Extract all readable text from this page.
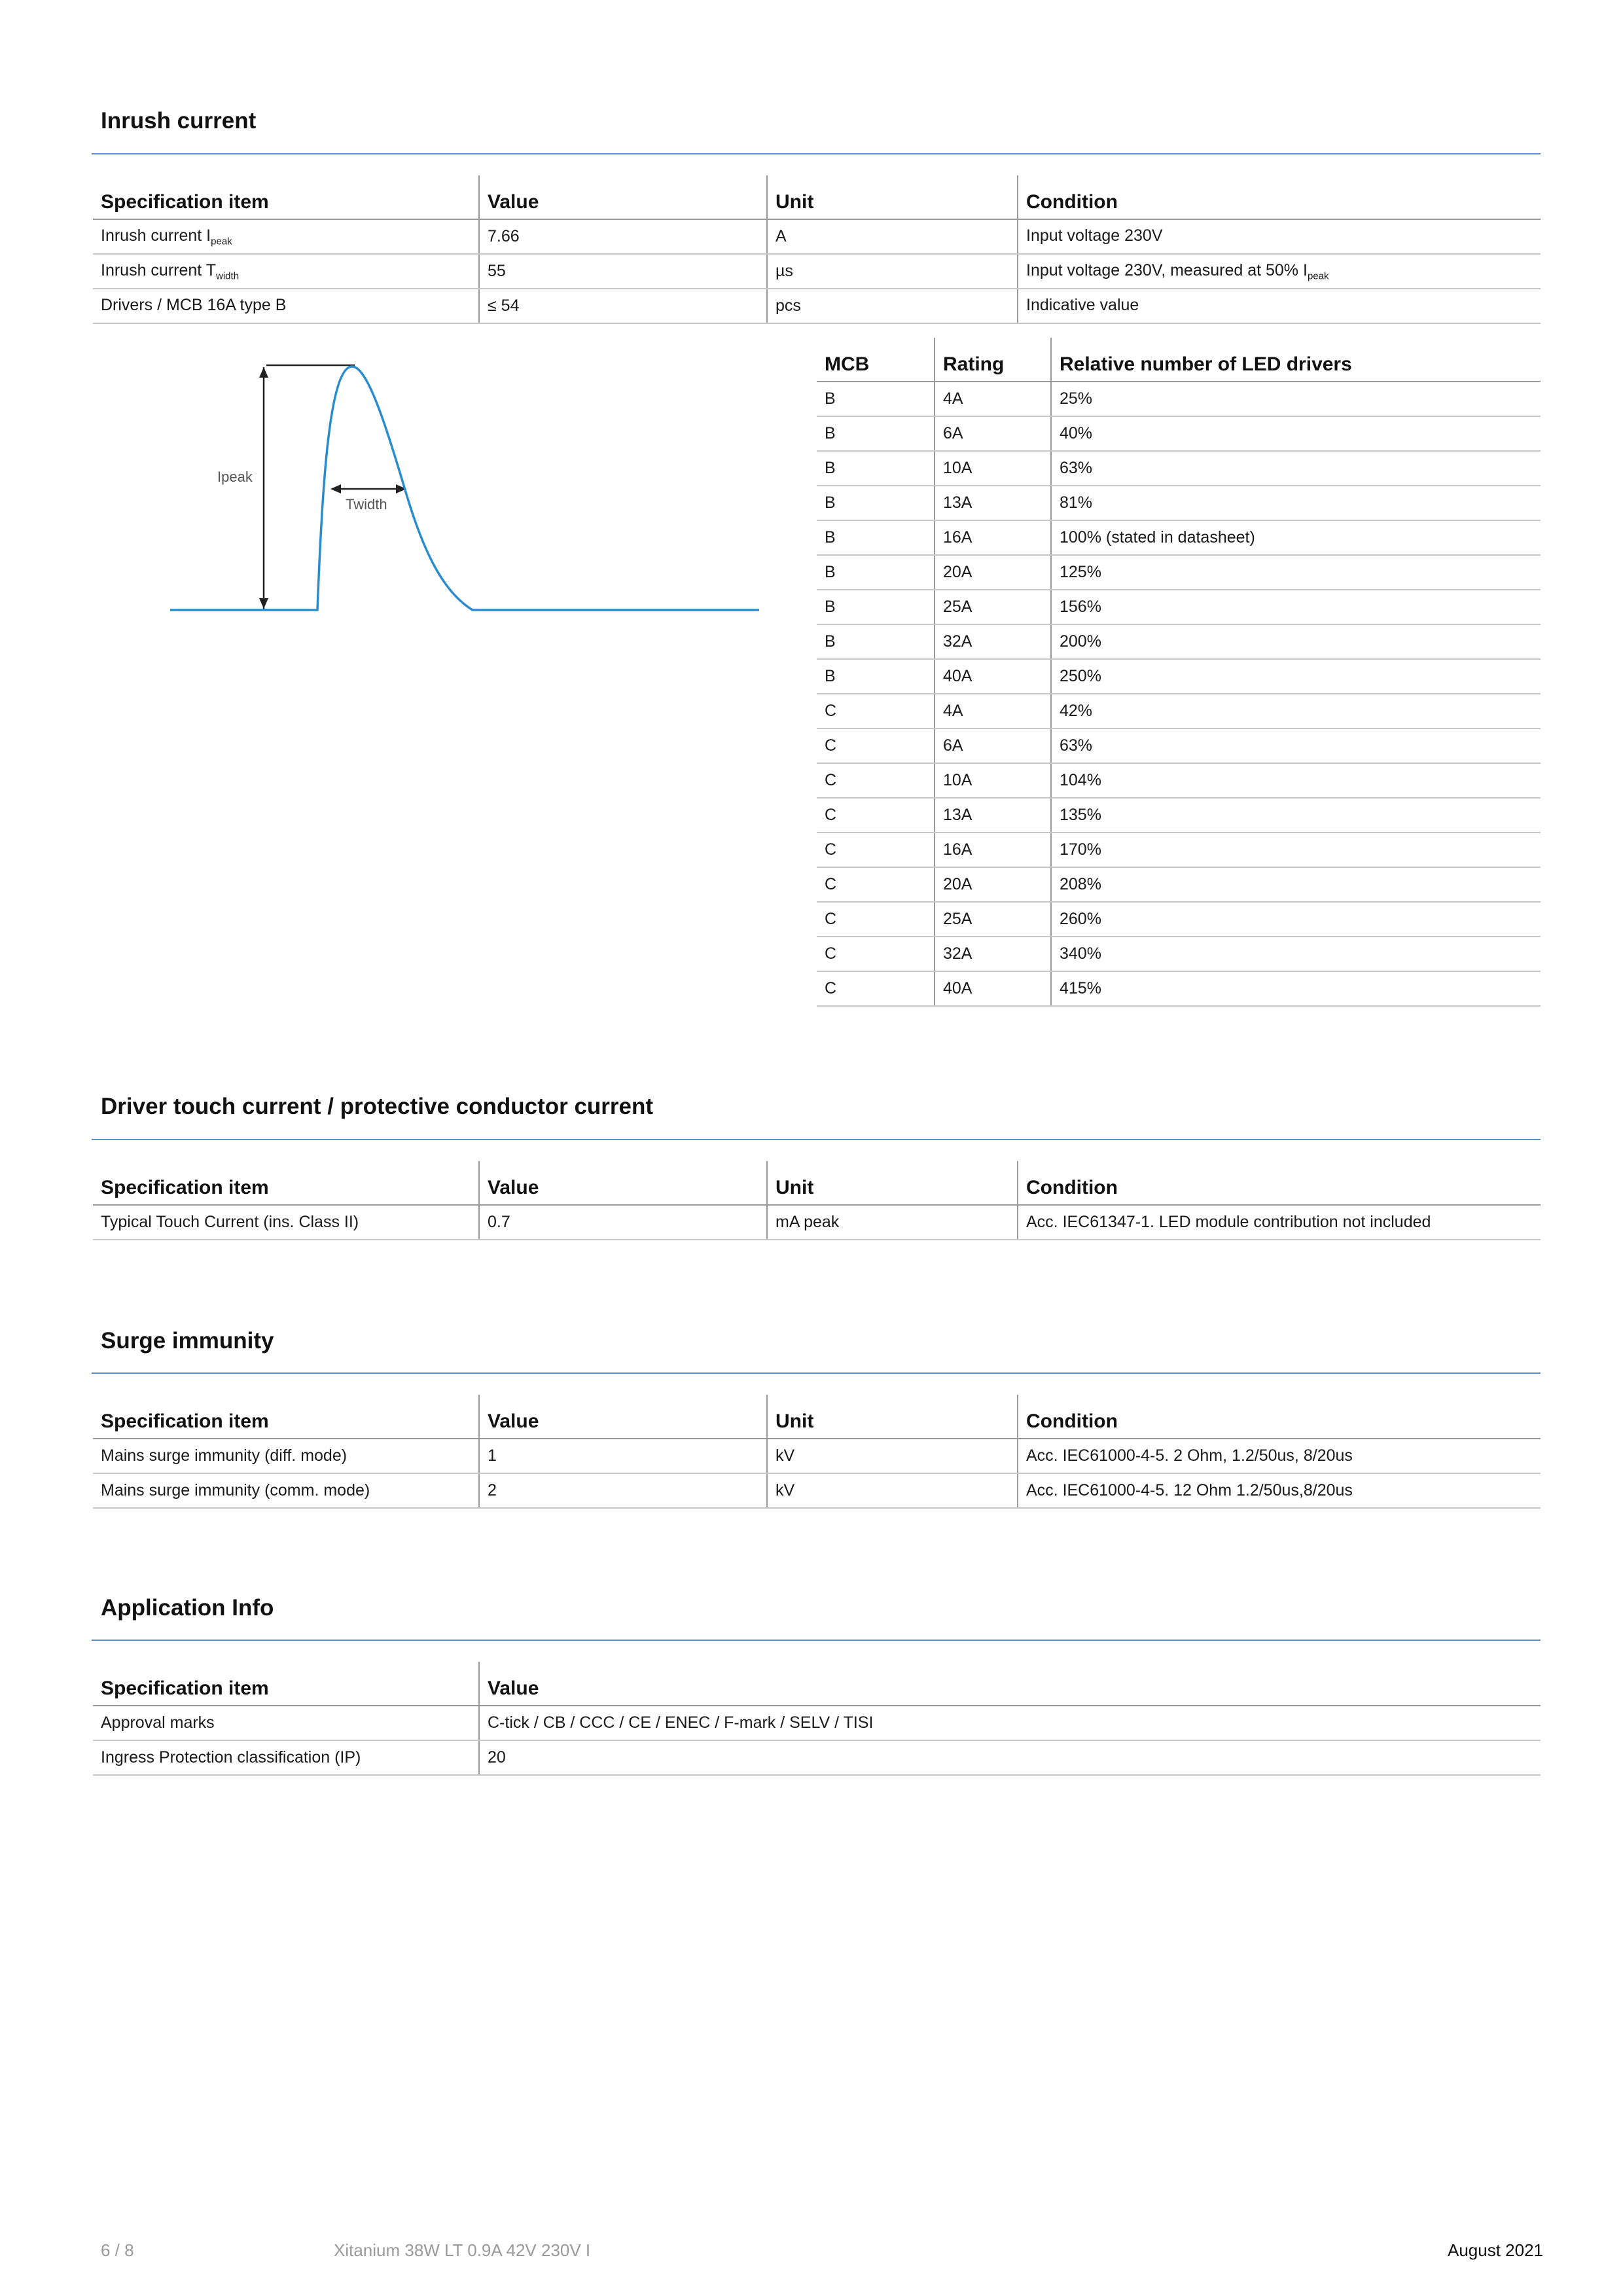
Inrush current
Specification item	Value	Unit	Condition
Inrush current $I_{peak}$	7.66	A	Input voltage 230V
Inrush current $T_{width}$	55	µs	Input voltage 230V, measured at 50% $I_{peak}$
Drivers / MCB 16A type B	≤ 54	pcs	Indicative value
Ipeak
Twidth
MCB	Rating	Relative number of LED drivers
B	4A	25%
B	6A	40%
B	10A	63%
B	13A	81%
B	16A	100% (stated in datasheet)
B	20A	125%
B	25A	156%
B	32A	200%
B	40A	250%
C	4A	42%
C	6A	63%
C	10A	104%
C	13A	135%
C	16A	170%
C	20A	208%
C	25A	260%
C	32A	340%
C	40A	415%
Driver touch current / protective conductor current
Specification item	Value	Unit	Condition
Typical Touch Current (ins. Class II)	0.7	mA peak	Acc. IEC61347-1. LED module contribution not included
Surge immunity
Specification item	Value	Unit	Condition
Mains surge immunity (diff. mode)	1	kV	Acc. IEC61000-4-5. 2 Ohm, 1.2/50us, 8/20us
Mains surge immunity (comm. mode)	2	kV	Acc. IEC61000-4-5. 12 Ohm 1.2/50us,8/20us
Application Info
Specification item	Value
Approval marks	C-tick / CB / CCC / CE / ENEC / F-mark / SELV / TISI
Ingress Protection classification (IP)	20
6 / 8	Xitanium 38W LT 0.9A 42V 230V I	August 2021
